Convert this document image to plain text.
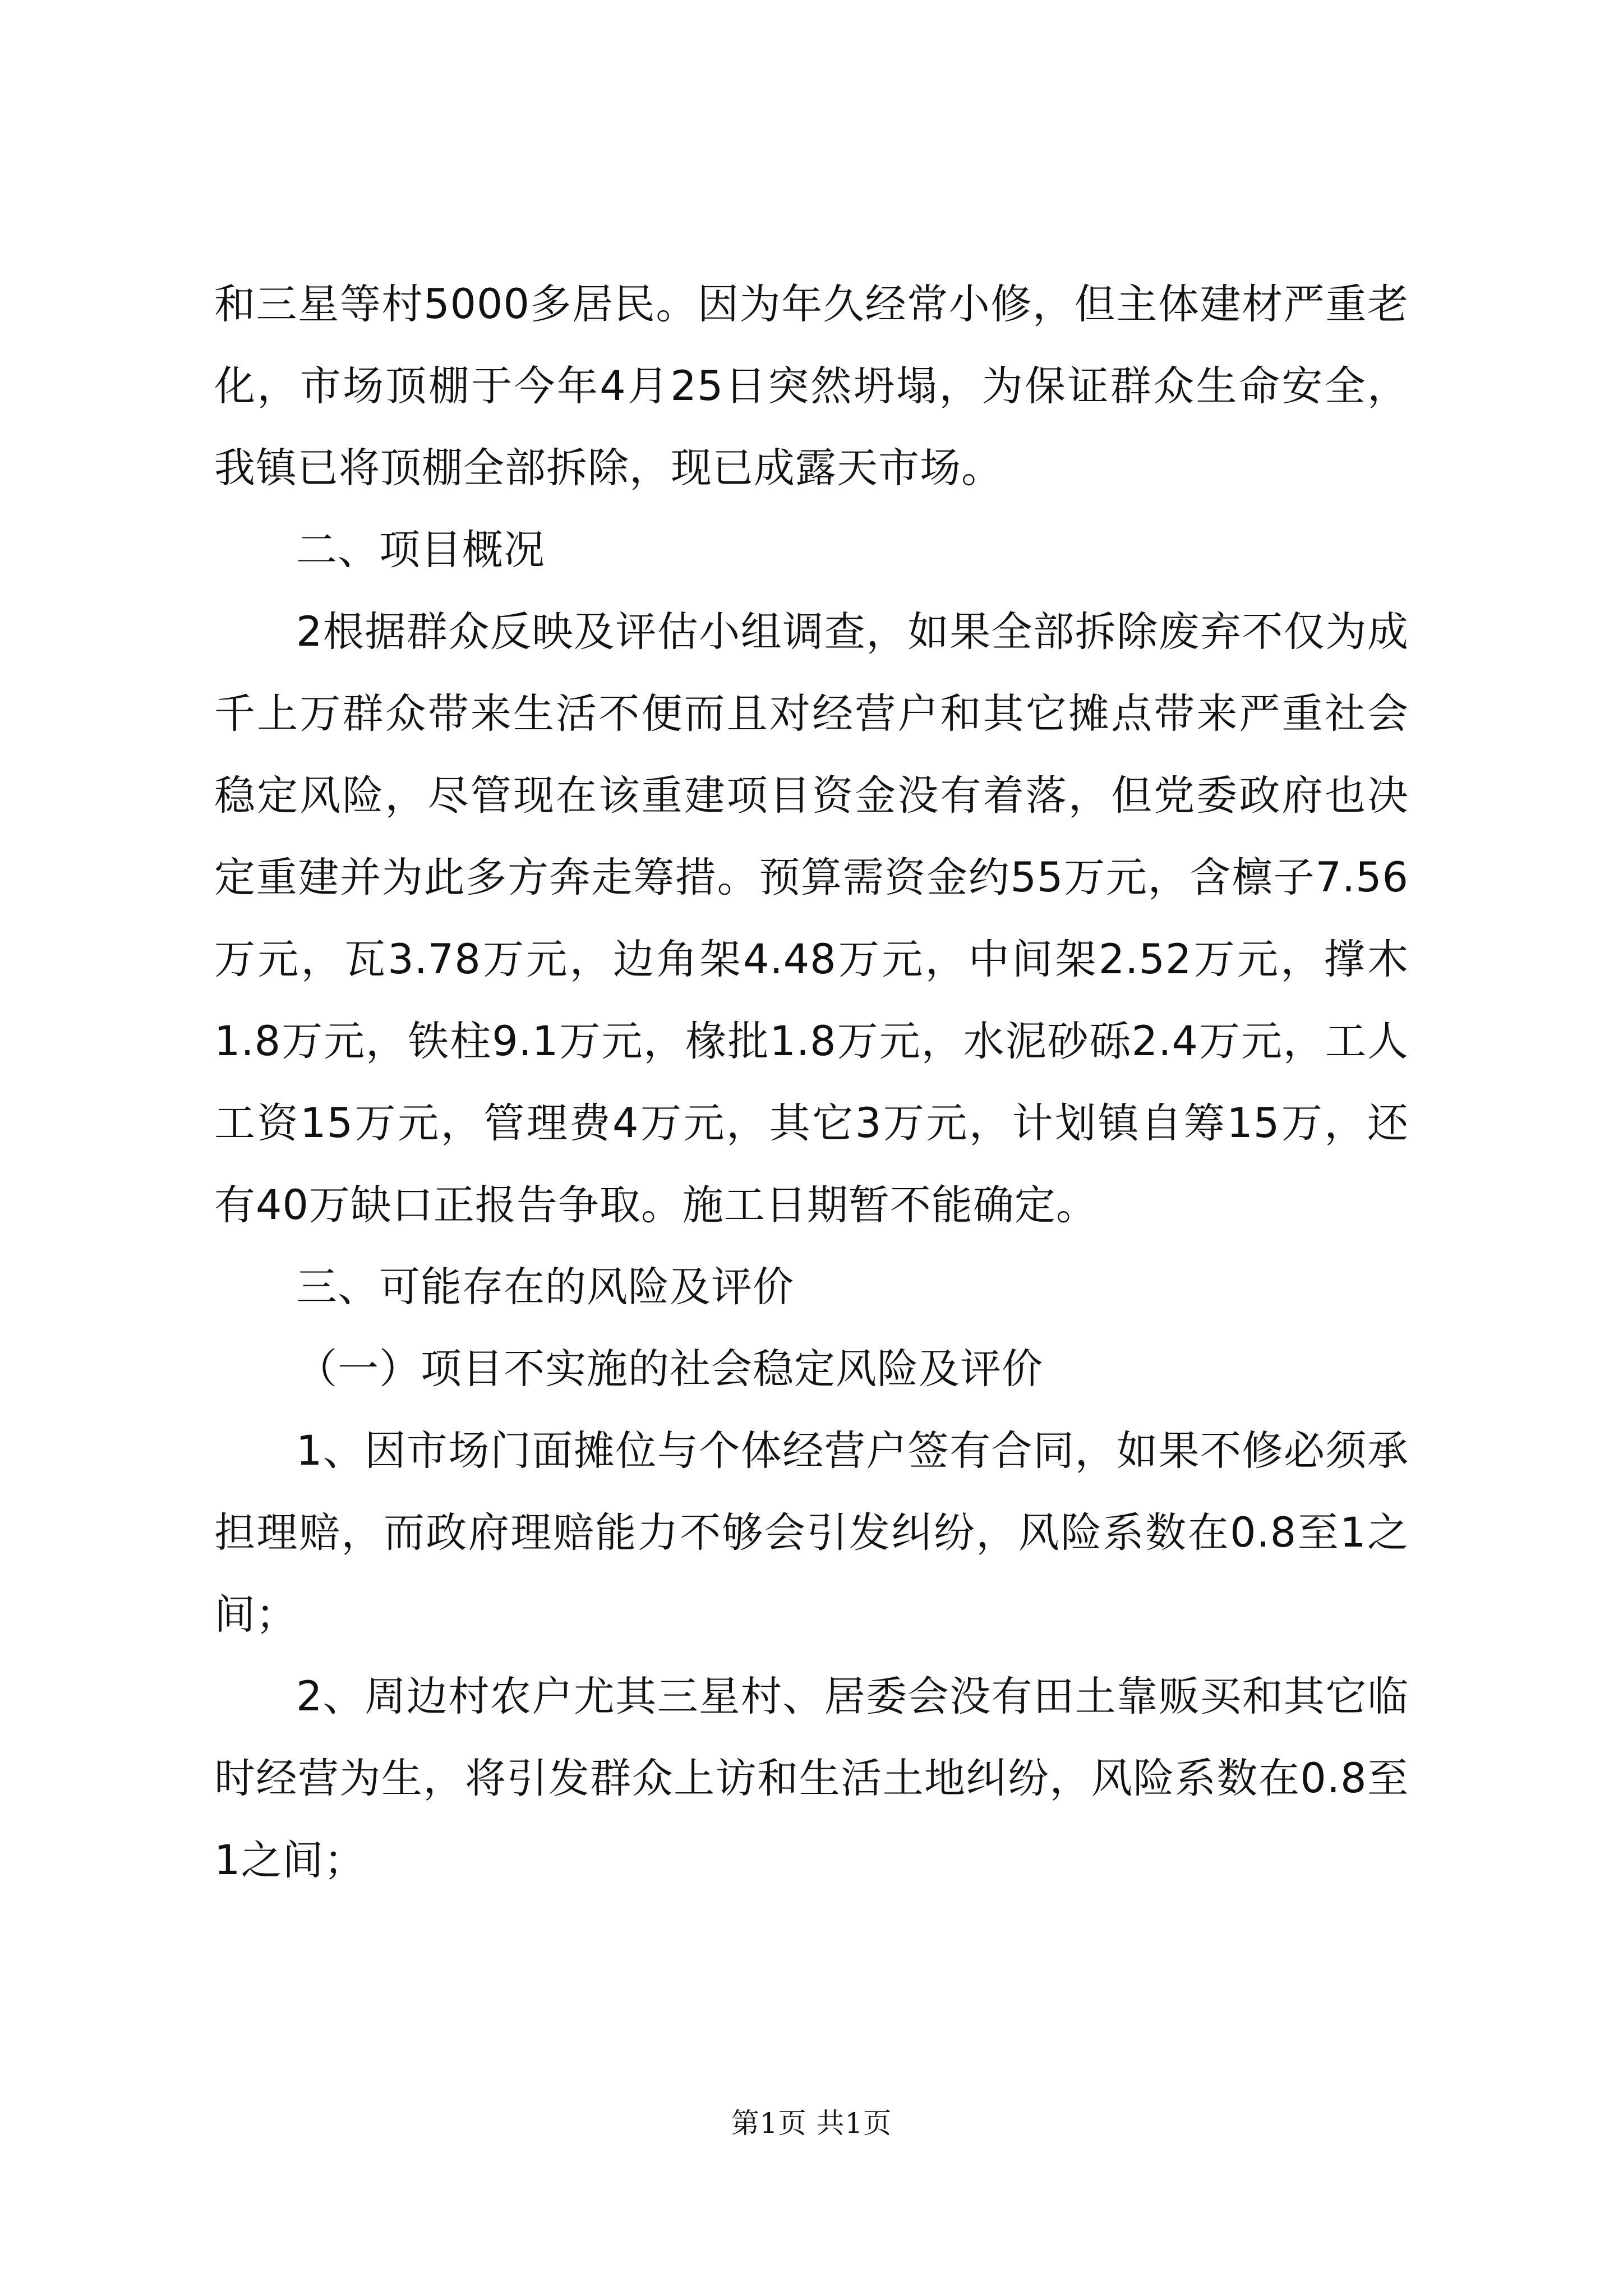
和三星等村5000多居民。因为年久经常小修，但主体建材严重老化，市场顶棚于今年4月25日突然坍塌，为保证群众生命安全，我镇已将顶棚全部拆除，现已成露天市场。

二、项目概况

2根据群众反映及评估小组调查，如果全部拆除废弃不仅为成千上万群众带来生活不便而且对经营户和其它摊点带来严重社会稳定风险，尽管现在该重建项目资金没有着落，但党委政府也决定重建并为此多方奔走筹措。预算需资金约55万元，含檩子7.56万元，瓦3.78万元，边角架4.48万元，中间架2.52万元，撑木1.8万元，铁柱9.1万元，椽批1.8万元，水泥砂砾2.4万元，工人工资15万元，管理费4万元，其它3万元，计划镇自筹15万，还有40万缺口正报告争取。施工日期暂不能确定。

三、可能存在的风险及评价

（一）项目不实施的社会稳定风险及评价

1、因市场门面摊位与个体经营户签有合同，如果不修必须承担理赔，而政府理赔能力不够会引发纠纷，风险系数在0.8至1之间；

2、周边村农户尤其三星村、居委会没有田土靠贩买和其它临时经营为生，将引发群众上访和生活土地纠纷，风险系数在0.8至1之间；

第1页 共1页
